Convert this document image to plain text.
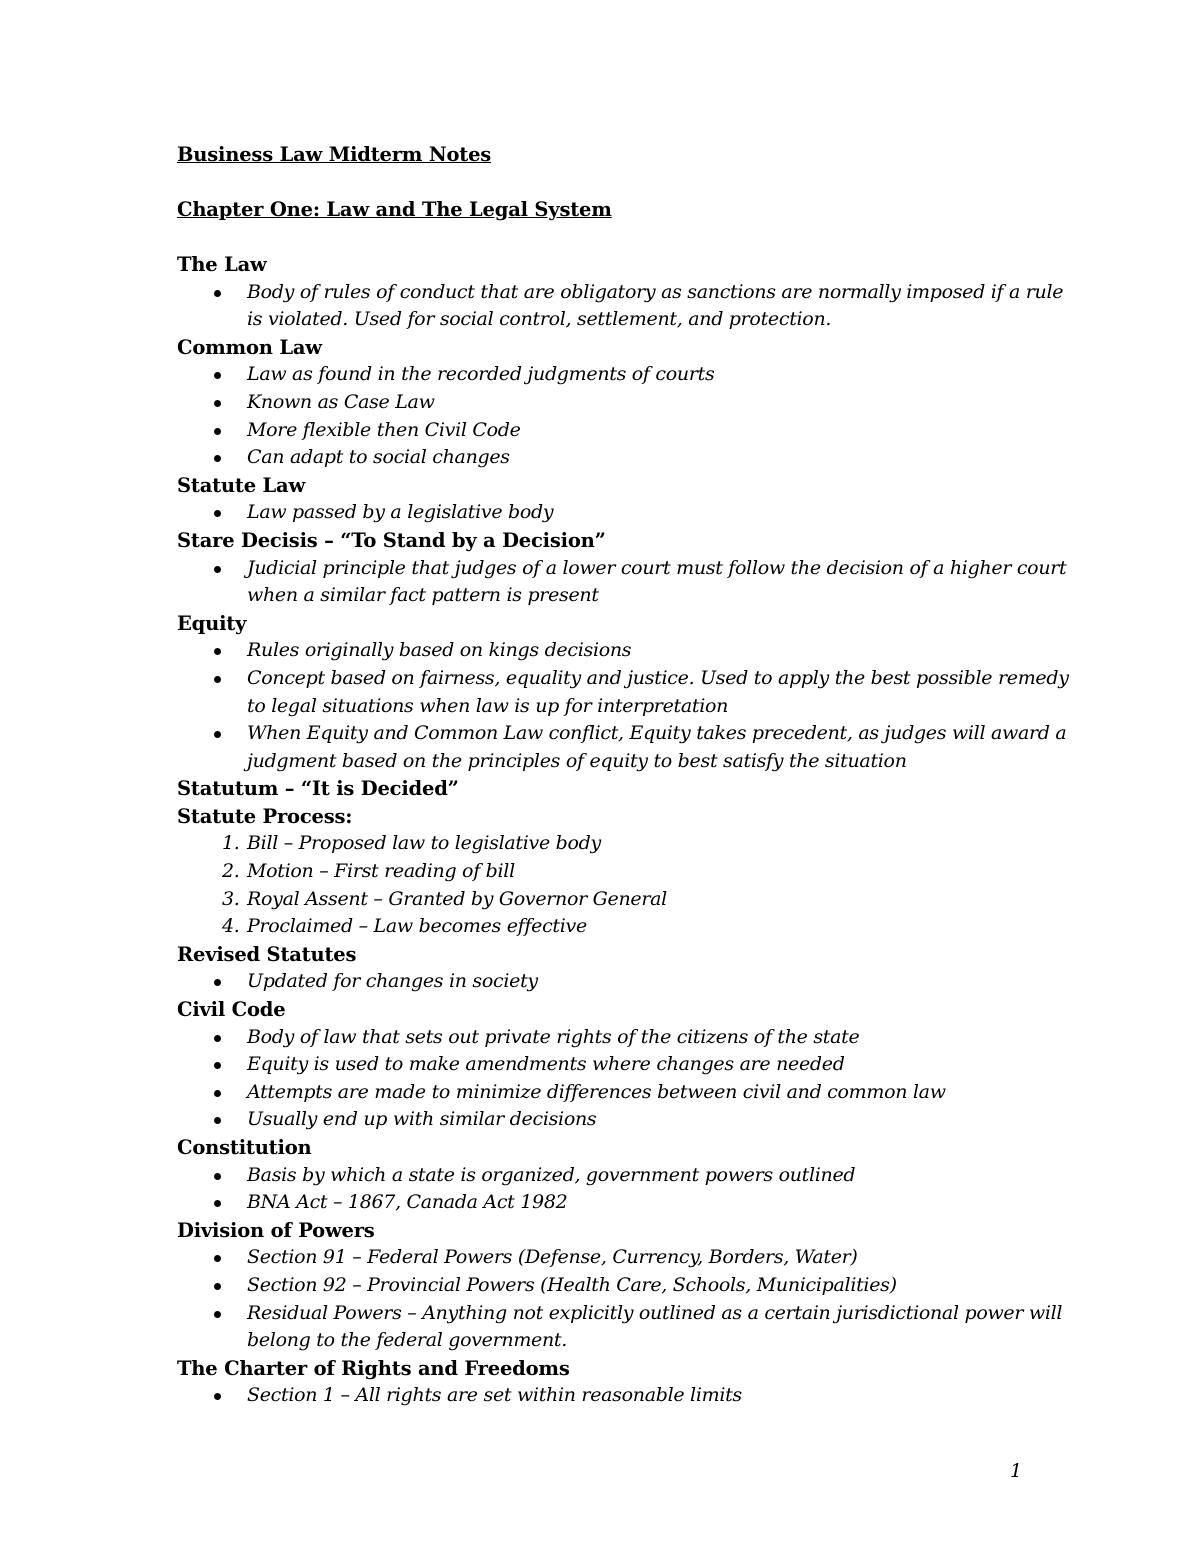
Business Law Midterm Notes
Chapter One: Law and The Legal System
The Law
Body of rules of conduct that are obligatory as sanctions are normally imposed if a rule is violated. Used for social control, settlement, and protection.
Common Law
Law as found in the recorded judgments of courts
Known as Case Law
More flexible then Civil Code
Can adapt to social changes
Statute Law
Law passed by a legislative body
Stare Decisis – “To Stand by a Decision”
Judicial principle that judges of a lower court must follow the decision of a higher court when a similar fact pattern is present
Equity
Rules originally based on kings decisions
Concept based on fairness, equality and justice. Used to apply the best possible remedy to legal situations when law is up for interpretation
When Equity and Common Law conflict, Equity takes precedent, as judges will award a judgment based on the principles of equity to best satisfy the situation
Statutum – “It is Decided”
Statute Process:
1. Bill – Proposed law to legislative body
2. Motion – First reading of bill
3. Royal Assent – Granted by Governor General
4. Proclaimed – Law becomes effective
Revised Statutes
Updated for changes in society
Civil Code
Body of law that sets out private rights of the citizens of the state
Equity is used to make amendments where changes are needed
Attempts are made to minimize differences between civil and common law
Usually end up with similar decisions
Constitution
Basis by which a state is organized, government powers outlined
BNA Act – 1867, Canada Act 1982
Division of Powers
Section 91 – Federal Powers (Defense, Currency, Borders, Water)
Section 92 – Provincial Powers (Health Care, Schools, Municipalities)
Residual Powers – Anything not explicitly outlined as a certain jurisdictional power will belong to the federal government.
The Charter of Rights and Freedoms
Section 1 – All rights are set within reasonable limits
1
